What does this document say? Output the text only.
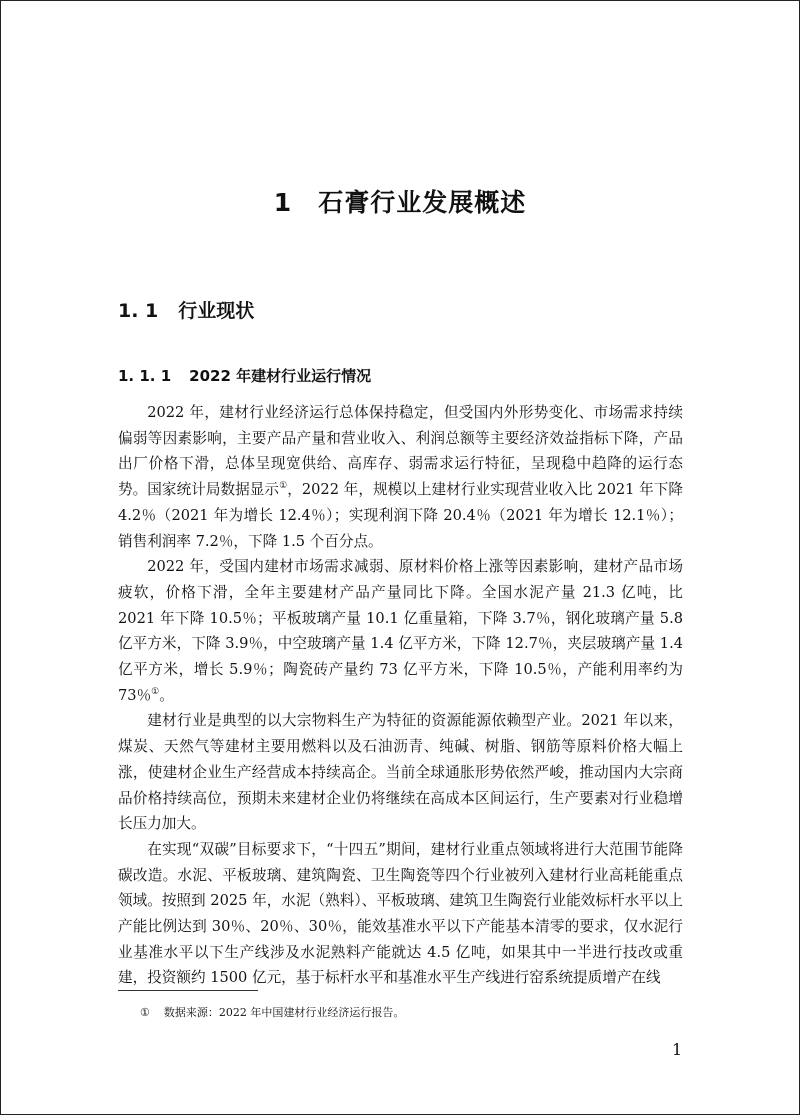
1 石膏行业发展概述
1. 1 行业现状
1. 1. 1 2022 年建材行业运行情况

2022 年，建材行业经济运行总体保持稳定，但受国内外形势变化、市场需求持续偏弱等因素影响，主要产品产量和营业收入、利润总额等主要经济效益指标下降，产品出厂价格下滑，总体呈现宽供给、高库存、弱需求运行特征，呈现稳中趋降的运行态势。国家统计局数据显示①，2022 年，规模以上建材行业实现营业收入比 2021 年下降 4.2％（2021 年为增长 12.4％）；实现利润下降 20.4％（2021 年为增长 12.1％）；销售利润率 7.2％，下降 1.5 个百分点。

2022 年，受国内建材市场需求减弱、原材料价格上涨等因素影响，建材产品市场疲软，价格下滑，全年主要建材产品产量同比下降。全国水泥产量 21.3 亿吨，比 2021 年下降 10.5％；平板玻璃产量 10.1 亿重量箱，下降 3.7％，钢化玻璃产量 5.8 亿平方米，下降 3.9％，中空玻璃产量 1.4 亿平方米，下降 12.7％，夹层玻璃产量 1.4 亿平方米，增长 5.9％；陶瓷砖产量约 73 亿平方米，下降 10.5％，产能利用率约为 73％①。

建材行业是典型的以大宗物料生产为特征的资源能源依赖型产业。2021 年以来，煤炭、天然气等建材主要用燃料以及石油沥青、纯碱、树脂、钢筋等原料价格大幅上涨，使建材企业生产经营成本持续高企。当前全球通胀形势依然严峻，推动国内大宗商品价格持续高位，预期未来建材企业仍将继续在高成本区间运行，生产要素对行业稳增长压力加大。

在实现“双碳”目标要求下，“十四五”期间，建材行业重点领域将进行大范围节能降碳改造。水泥、平板玻璃、建筑陶瓷、卫生陶瓷等四个行业被列入建材行业高耗能重点领域。按照到 2025 年，水泥（熟料）、平板玻璃、建筑卫生陶瓷行业能效标杆水平以上产能比例达到 30％、20％、30％，能效基准水平以下产能基本清零的要求，仅水泥行业基准水平以下生产线涉及水泥熟料产能就达 4.5 亿吨，如果其中一半进行技改或重建，投资额约 1500 亿元，基于标杆水平和基准水平生产线进行窑系统提质增产在线

① 数据来源：2022 年中国建材行业经济运行报告。
1
